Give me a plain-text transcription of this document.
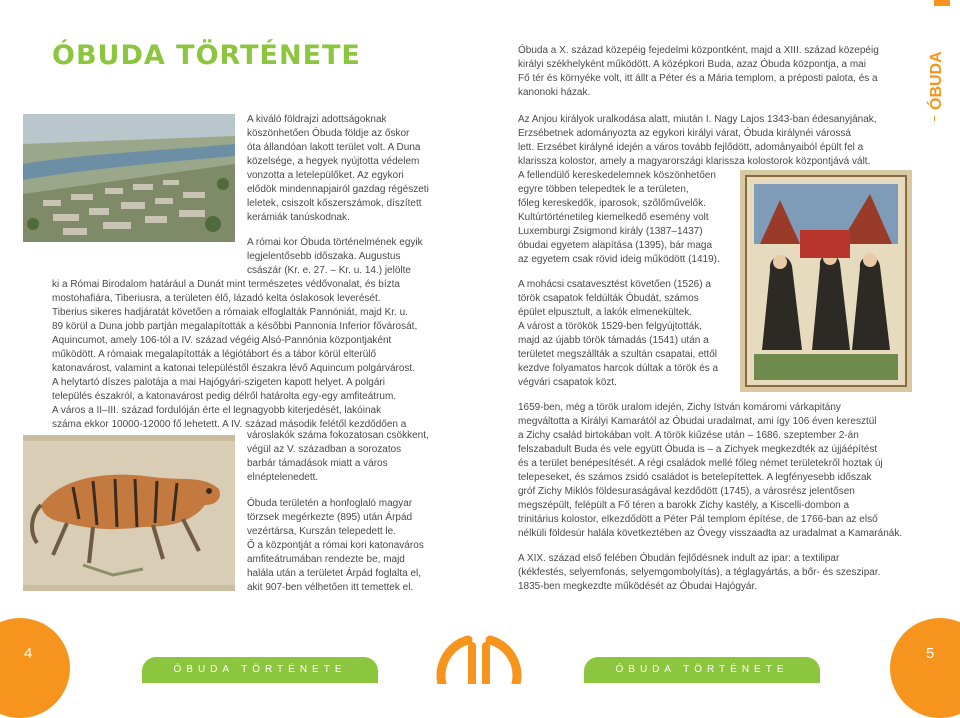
ÓBUDA TÖRTÉNETE
A kiváló földrajzi adottságoknak
köszönhetően Óbuda földje az őskor
óta állandóan lakott terület volt. A Duna
közelsége, a hegyek nyújtotta védelem
vonzotta a letelepülőket. Az egykori
elődök mindennapjairól gazdag régészeti
leletek, csiszolt kőszerszámok, díszített
kerámiák tanúskodnak.
A római kor Óbuda történelmének egyik
legjelentősebb időszaka. Augustus
császár (Kr. e. 27. – Kr. u. 14.) jelölte
ki a Római Birodalom határául a Dunát mint természetes védővonalat, és bízta
mostohafiára, Tiberiusra, a területen élő, lázadó kelta óslakosok leverését.
Tiberius sikeres hadjáratát követően a rómaiak elfoglalták Pannóniát, majd Kr. u.
89 körül a Duna jobb partján megalapították a későbbi Pannonia Inferior fővárosát,
Aquincumot, amely 106-tól a IV. század végéig Alsó-Pannónia központjaként
működött. A rómaiak megalapították a légiótábort és a tábor körül elterülő
katonavárost, valamint a katonai településtől északra lévő Aquincum polgárvárost.
A helytartó díszes palotája a mai Hajógyári-szigeten kapott helyet. A polgári
település északról, a katonavárost pedig délről határolta egy-egy amfiteátrum.
A város a II–III. század fordulóján érte el legnagyobb kiterjedését, lakóinak
száma ekkor 10000-12000 fő lehetett. A IV. század második felétől kezdődően a
városlakók száma fokozatosan csökkent,
végül az V. században a sorozatos
barbár támadások miatt a város
elnéptelenedett.
Óbuda területén a honfoglaló magyar
törzsek megérkezte (895) után Árpád
vezértársa, Kurszán telepedett le.
Ő a központját a római kori katonaváros
amfiteátrumában rendezte be, majd
halála után a területet Árpád foglalta el,
akit 907-ben vélhetően itt temettek el.
Óbuda a X. század közepéig fejedelmi központként, majd a XIII. század közepéig
királyi székhelyként működött. A középkori Buda, azaz Óbuda központja, a mai
Fő tér és környéke volt, itt állt a Péter és a Mária templom, a préposti palota, és a
kanonoki házak.
Az Anjou királyok uralkodása alatt, miután I. Nagy Lajos 1343-ban édesanyjának,
Erzsébetnek adományozta az egykori királyi várat, Óbuda királynéi várossá
lett. Erzsébet királyné idején a város tovább fejlődött, adományaiból épült fel a
klarissza kolostor, amely a magyarországi klarissza kolostorok központjává vált.
A fellendülő kereskedelemnek köszönhetően
egyre többen telepedtek le a területen,
főleg kereskedők, iparosok, szőlőművelők.
Kultúrtörténetileg kiemelkedő esemény volt
Luxemburgi Zsigmond király (1387–1437)
óbudai egyetem alapítása (1395), bár maga
az egyetem csak rövid ideig működött (1419).
A mohácsi csatavesztést követően (1526) a
török csapatok feldúlták Óbudát, számos
épület elpusztult, a lakók elmenekültek.
A várost a törökök 1529-ben felgyújtották,
majd az újabb török támadás (1541) után a
területet megszállták a szultán csapatai, ettől
kezdve folyamatos harcok dúltak a török és a
végvári csapatok közt.
1659-ben, még a török uralom idején, Zichy István komáromi várkapitány
megváltotta a Királyi Kamarától az Óbudai uradalmat, ami így 106 éven keresztül
a Zichy család birtokában volt. A török kiűzése után – 1686. szeptember 2-án
felszabadult Buda és vele együtt Óbuda is – a Zichyek megkezdték az újjáépítést
és a terület benépesítését. A régi családok mellé főleg német területekről hoztak új
telepeseket, és számos zsidó családot is betelepítettek. A legfényesebb időszak
gróf Zichy Miklós földesuraságával kezdődött (1745), a városrész jelentősen
megszépült, felépült a Fő téren a barokk Zichy kastély, a Kiscelli-dombon a
trinitárius kolostor, elkezdődött a Péter Pál templom építése, de 1766-ban az első
nélküli földesúr halála következtében az Óvegy visszaadta az uradalmat a Kamaránák.
A XIX. század első felében Óbudán fejlődésnek indult az ipar: a textilipar
(kékfestés, selyemfonás, selyemgombolyítás), a téglagyártás, a bőr- és szeszipar.
1835-ben megkezdte működését az Óbudai Hajógyár.
ÓBUDA
4	5
ÓBUDA TÖRTÉNETE	ÓBUDA TÖRTÉNETE
